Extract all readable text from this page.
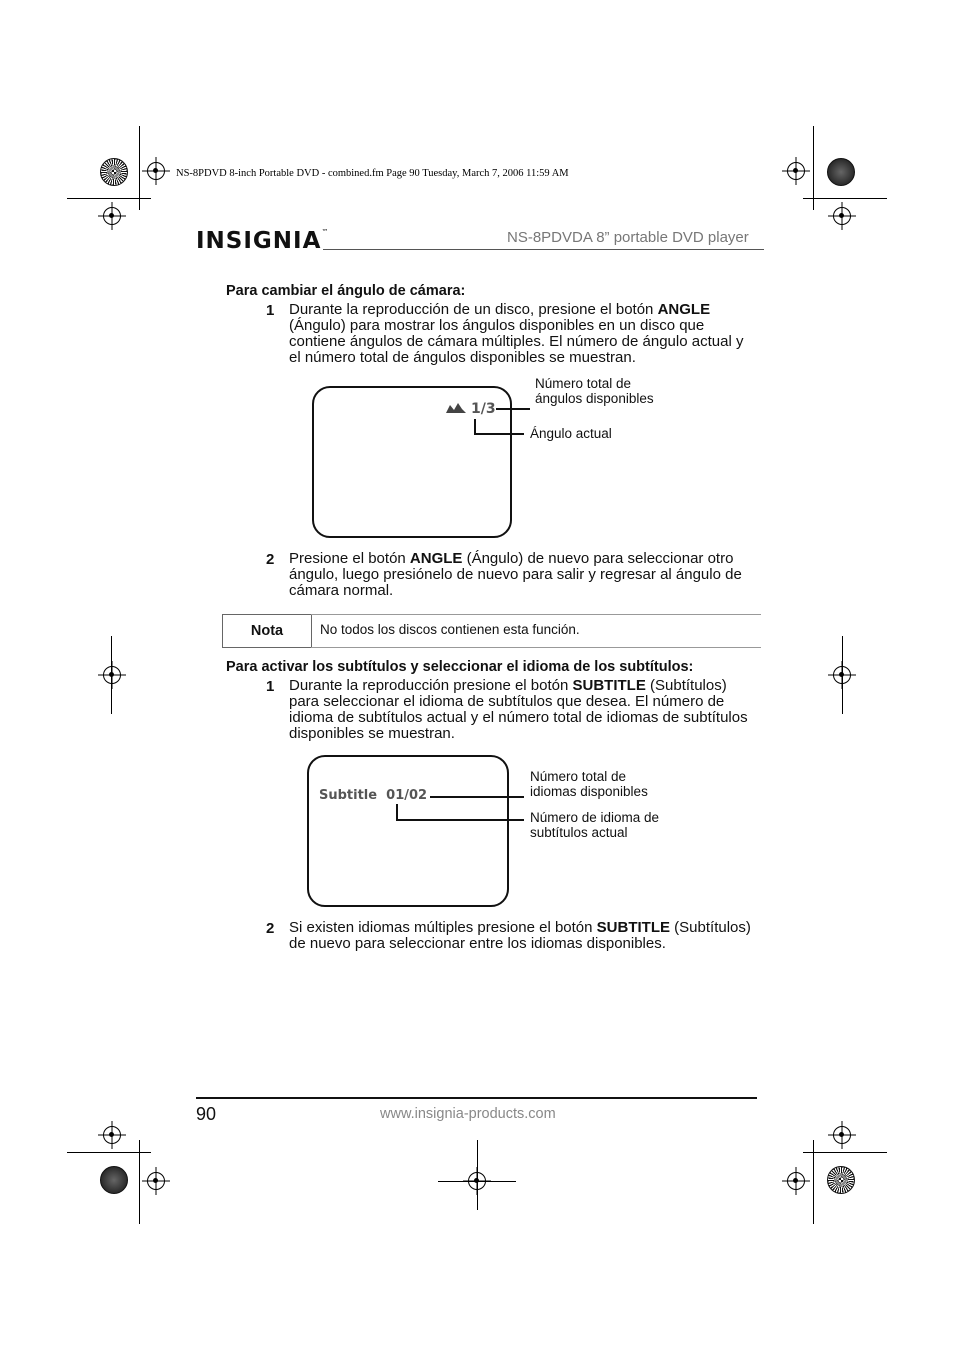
NS-8PDVD 8-inch Portable DVD - combined.fm Page 90 Tuesday, March 7, 2006 11:59 AM
INSIGNIA™	NS-8PDVDA 8” portable DVD player
Para cambiar el ángulo de cámara:
1 Durante la reproducción de un disco, presione el botón ANGLE (Ángulo) para mostrar los ángulos disponibles en un disco que contiene ángulos de cámara múltiples. El número de ángulo actual y el número total de ángulos disponibles se muestran.
1/3
Número total de ángulos disponibles
Ángulo actual
2 Presione el botón ANGLE (Ángulo) de nuevo para seleccionar otro ángulo, luego presiónelo de nuevo para salir y regresar al ángulo de cámara normal.
Nota	No todos los discos contienen esta función.
Para activar los subtítulos y seleccionar el idioma de los subtítulos:
1 Durante la reproducción presione el botón SUBTITLE (Subtítulos) para seleccionar el idioma de subtítulos que desea. El número de idioma de subtítulos actual y el número total de idiomas de subtítulos disponibles se muestran.
Subtitle 01/02
Número total de idiomas disponibles
Número de idioma de subtítulos actual
2 Si existen idiomas múltiples presione el botón SUBTITLE (Subtítulos) de nuevo para seleccionar entre los idiomas disponibles.
90	www.insignia-products.com
